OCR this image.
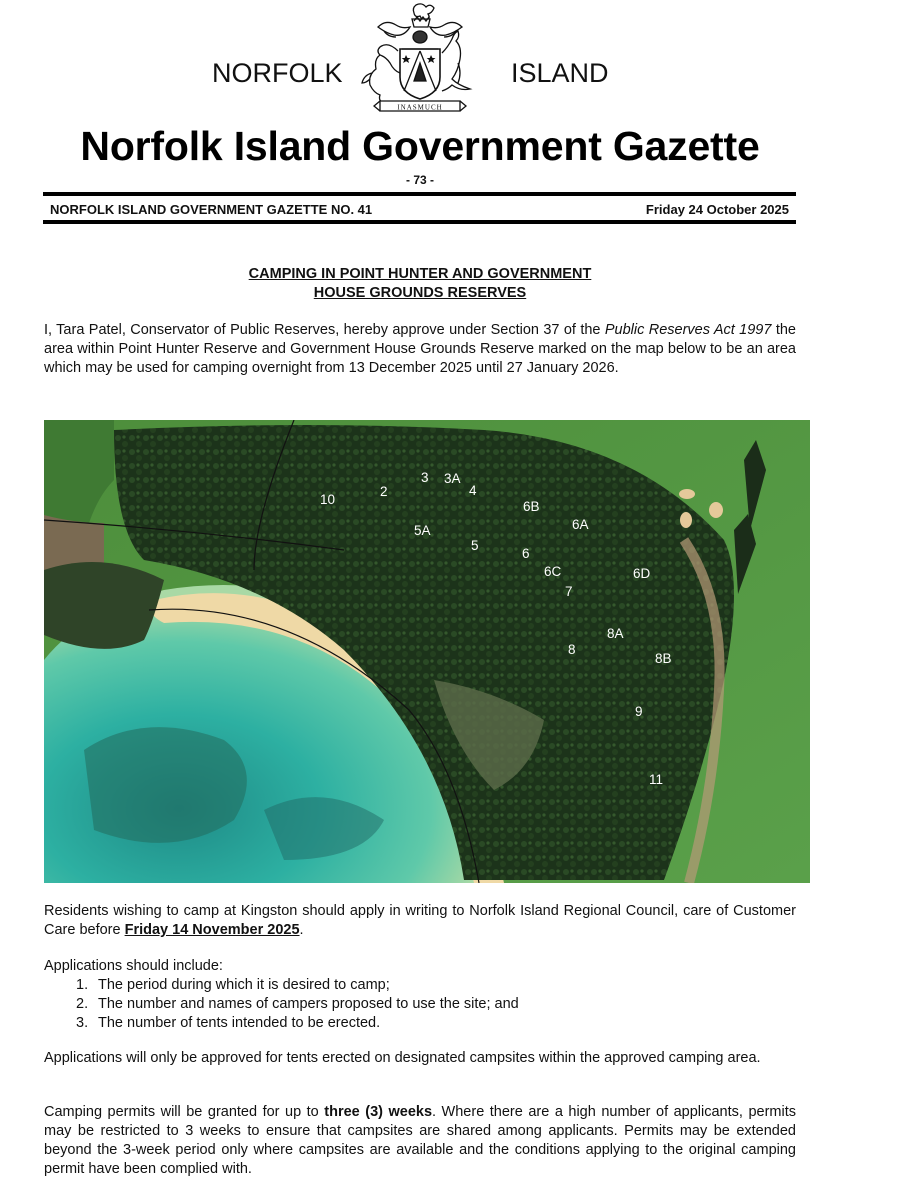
NORFOLK	ISLAND
INASMUCH
Norfolk Island Government Gazette
- 73 -
NORFOLK ISLAND GOVERNMENT GAZETTE NO. 41	Friday 24 October 2025
CAMPING IN POINT HUNTER AND GOVERNMENT
HOUSE GROUNDS RESERVES
I, Tara Patel, Conservator of Public Reserves, hereby approve under Section 37 of the Public Reserves Act 1997 the area within Point Hunter Reserve and Government House Grounds Reserve marked on the map below to be an area which may be used for camping overnight from 13 December 2025 until 27 January 2026.
10
2
3 3A
4
5A
5
6B
6A
6
6C	6D
7
8
8A
8B
9
11
Residents wishing to camp at Kingston should apply in writing to Norfolk Island Regional Council, care of Customer Care before Friday 14 November 2025.
Applications should include:
1. The period during which it is desired to camp;
2. The number and names of campers proposed to use the site; and
3. The number of tents intended to be erected.
Applications will only be approved for tents erected on designated campsites within the approved camping area.
Camping permits will be granted for up to three (3) weeks. Where there are a high number of applicants, permits may be restricted to 3 weeks to ensure that campsites are shared among applicants. Permits may be extended beyond the 3-week period only where campsites are available and the conditions applying to the original camping permit have been complied with.
